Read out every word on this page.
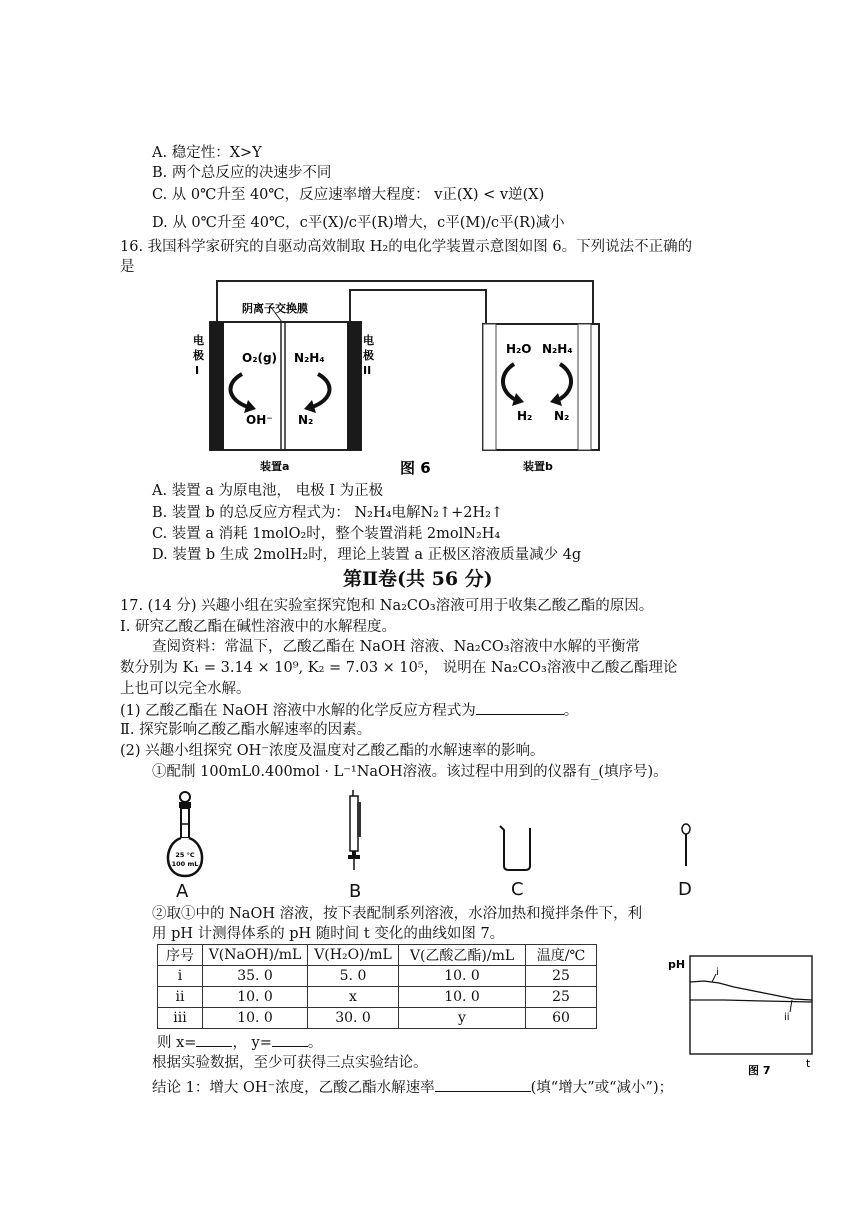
A. 稳定性：X>Y
B. 两个总反应的决速步不同
C. 从 0℃升至 40℃，反应速率增大程度： v正(X) < v逆(X)
D. 从 0℃升至 40℃，c平(X)/c平(R)增大，c平(M)/c平(R)减小
16. 我国科学家研究的自驱动高效制取 H₂的电化学装置示意图如图 6。下列说法不正确的
是
阴离子交换膜
电
极
I
电
极
II
O₂(g)
OH⁻
N₂H₄
N₂
H₂O N₂H₄
H₂ N₂
装置a	图 6	装置b
A. 装置 a 为原电池， 电极 I 为正极
B. 装置 b 的总反应方程式为： N₂H₄电解N₂↑+2H₂↑
C. 装置 a 消耗 1molO₂时，整个装置消耗 2molN₂H₄
D. 装置 b 生成 2molH₂时，理论上装置 a 正极区溶液质量减少 4g
第Ⅱ卷(共 56 分)
17. (14 分) 兴趣小组在实验室探究饱和 Na₂CO₃溶液可用于收集乙酸乙酯的原因。
I. 研究乙酸乙酯在碱性溶液中的水解程度。
查阅资料：常温下，乙酸乙酯在 NaOH 溶液、Na₂CO₃溶液中水解的平衡常
数分别为 K₁ = 3.14 × 10⁹, K₂ = 7.03 × 10⁵， 说明在 Na₂CO₃溶液中乙酸乙酯理论
上也可以完全水解。
(1) 乙酸乙酯在 NaOH 溶液中水解的化学反应方程式为	。
Ⅱ. 探究影响乙酸乙酯水解速率的因素。
(2) 兴趣小组探究 OH⁻浓度及温度对乙酸乙酯的水解速率的影响。
①配制 100mL0.400mol · L⁻¹NaOH溶液。该过程中用到的仪器有_(填序号)。
25 °C
100 mL
A	B	C	D
②取①中的 NaOH 溶液，按下表配制系列溶液，水浴加热和搅拌条件下，利
用 pH 计测得体系的 pH 随时间 t 变化的曲线如图 7。
序号	V(NaOH)/mL	V(H₂O)/mL	V(乙酸乙酯)/mL	温度/℃
i	35. 0	5. 0	10. 0	25
ii	10. 0	x	10. 0	25
iii	10. 0	30. 0	y	60
i
ii
pH
t
图 7
则 x= ， y= 。
根据实验数据，至少可获得三点实验结论。
结论 1：增大 OH⁻浓度，乙酸乙酯水解速率	(填“增大”或“减小”)；
